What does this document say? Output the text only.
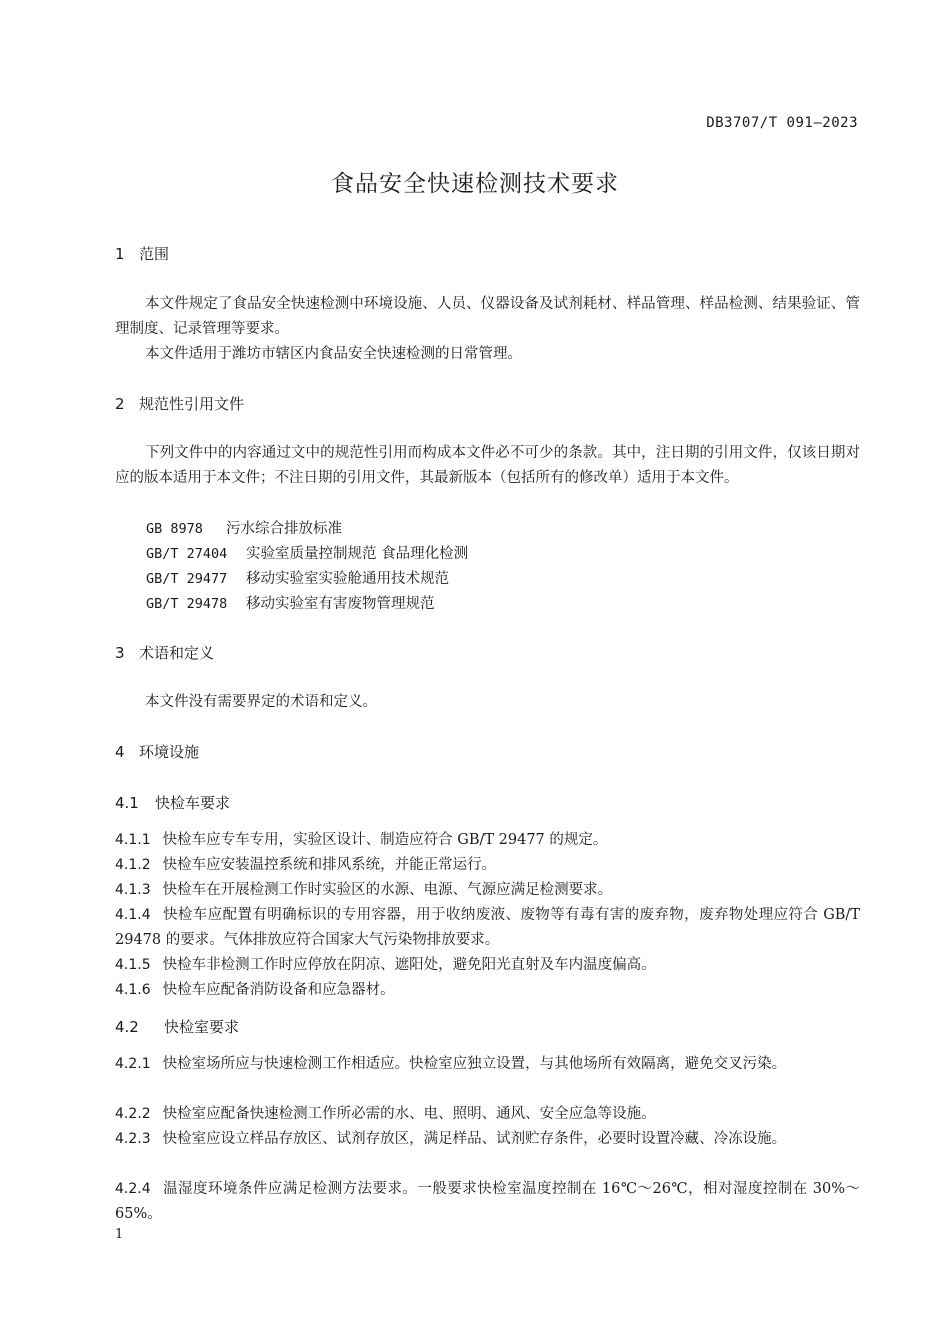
DB3707/T 091—2023
食品安全快速检测技术要求
1 范围

本文件规定了食品安全快速检测中环境设施、人员、仪器设备及试剂耗材、样品管理、样品检测、结果验证、管理制度、记录管理等要求。

本文件适用于潍坊市辖区内食品安全快速检测的日常管理。

2 规范性引用文件

下列文件中的内容通过文中的规范性引用而构成本文件必不可少的条款。其中，注日期的引用文件，仅该日期对应的版本适用于本文件；不注日期的引用文件，其最新版本（包括所有的修改单）适用于本文件。

GB 8978 污水综合排放标准
GB/T 27404 实验室质量控制规范 食品理化检测
GB/T 29477 移动实验室实验舱通用技术规范
GB/T 29478 移动实验室有害废物管理规范
3 术语和定义

本文件没有需要界定的术语和定义。

4 环境设施
4.1 快检车要求

4.1.1 快检车应专车专用，实验区设计、制造应符合 GB/T 29477 的规定。

4.1.2 快检车应安装温控系统和排风系统，并能正常运行。

4.1.3 快检车在开展检测工作时实验区的水源、电源、气源应满足检测要求。

4.1.4 快检车应配置有明确标识的专用容器，用于收纳废液、废物等有毒有害的废弃物，废弃物处理应符合 GB/T 29478 的要求。气体排放应符合国家大气污染物排放要求。

4.1.5 快检车非检测工作时应停放在阴凉、遮阳处，避免阳光直射及车内温度偏高。

4.1.6 快检车应配备消防设备和应急器材。

4.2 快检室要求

4.2.1 快检室场所应与快速检测工作相适应。快检室应独立设置，与其他场所有效隔离，避免交叉污染。

4.2.2 快检室应配备快速检测工作所必需的水、电、照明、通风、安全应急等设施。

4.2.3 快检室应设立样品存放区、试剂存放区，满足样品、试剂贮存条件，必要时设置冷藏、冷冻设施。

4.2.4 温湿度环境条件应满足检测方法要求。一般要求快检室温度控制在 16℃～26℃，相对湿度控制在 30%～65%。

1
